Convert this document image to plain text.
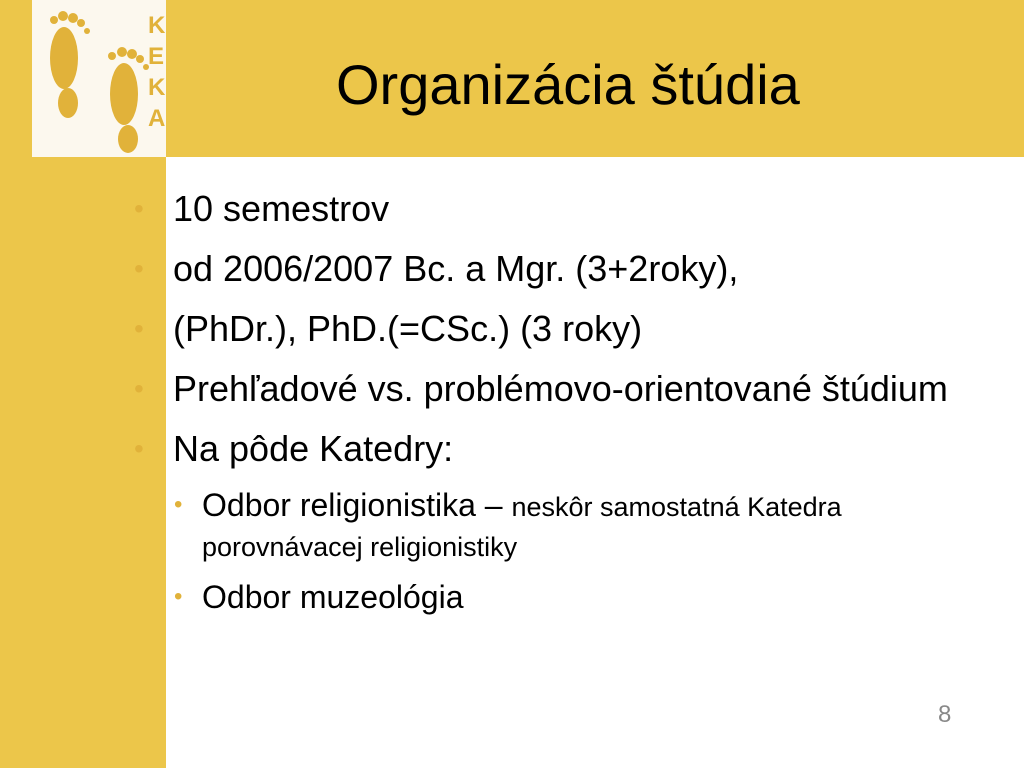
K
E
K
A
Organizácia štúdia
• 10 semestrov
• od 2006/2007 Bc. a Mgr. (3+2roky),
• (PhDr.), PhD.(=CSc.) (3 roky)
• Prehľadové vs. problémovo-orientované štúdium
• Na pôde Katedry:
• Odbor religionistika – neskôr samostatná Katedra porovnávacej religionistiky
• Odbor muzeológia
8
